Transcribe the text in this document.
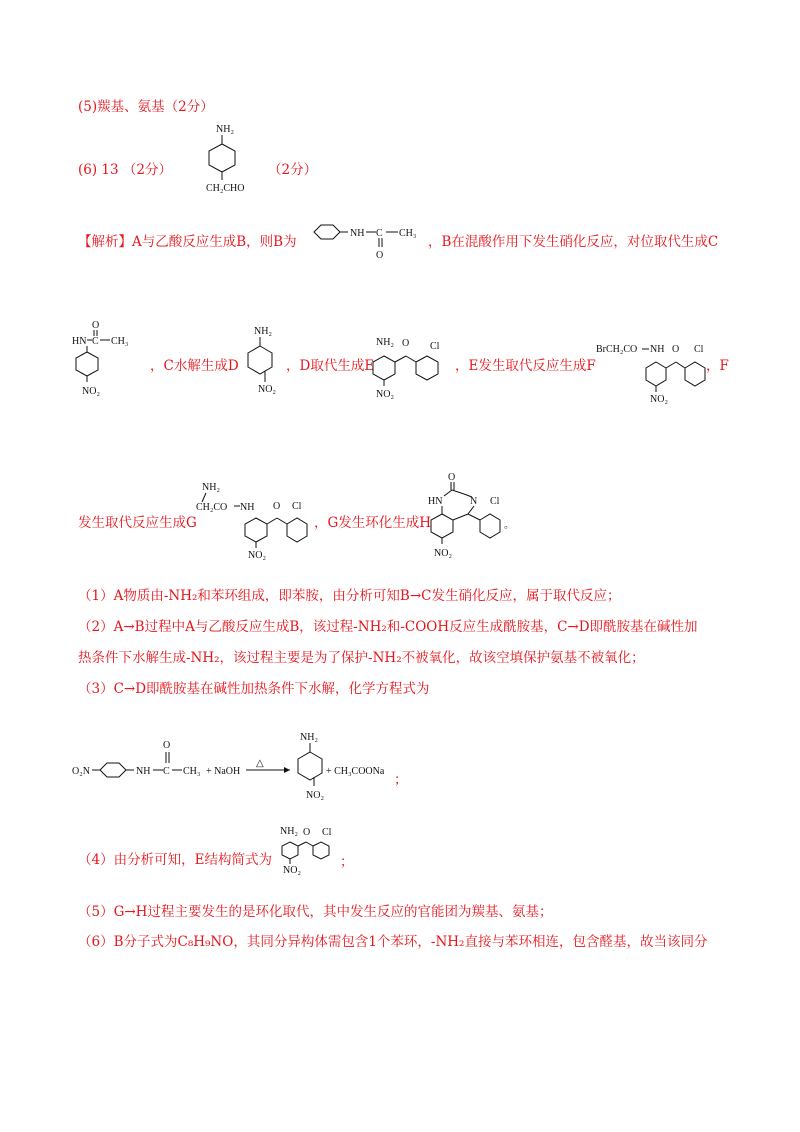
(5)羰基、氨基（2分）
(6) 13 （2分）
NH₂
CH₂CHO
（2分）
【解析】A与乙酸反应生成B，则B为
NH C
O
CH₃
，B在混酸作用下发生硝化反应，对位取代生成C
O
HN C CH₃
NO₂
，C水解生成D
NH₂
NO₂
，D取代生成E
NH₂ O Cl
NO₂
，E发生取代反应生成F
BrCH₂CO NH O Cl
NO₂
，F
发生取代反应生成G
NH₂
CH₂CO NH O Cl
NO₂
，G发生环化生成H
O
HN	N Cl
NO₂
。
（1）A物质由-NH₂和苯环组成，即苯胺，由分析可知B→C发生硝化反应，属于取代反应；
（2）A→B过程中A与乙酸反应生成B，该过程-NH₂和-COOH反应生成酰胺基，C→D即酰胺基在碱性加
热条件下水解生成-NH₂，该过程主要是为了保护-NH₂不被氧化，故该空填保护氨基不被氧化；
（3）C→D即酰胺基在碱性加热条件下水解，化学方程式为
O₂N	NH C
O
CH₃ + NaOH
△
NH₂
NO₂
+ CH₃COONa
；
（4）由分析可知，E结构简式为
NH₂ O Cl
NO₂
；
（5）G→H过程主要发生的是环化取代，其中发生反应的官能团为羰基、氨基；
（6）B分子式为C₈H₉NO，其同分异构体需包含1个苯环，-NH₂直接与苯环相连，包含醛基，故当该同分
